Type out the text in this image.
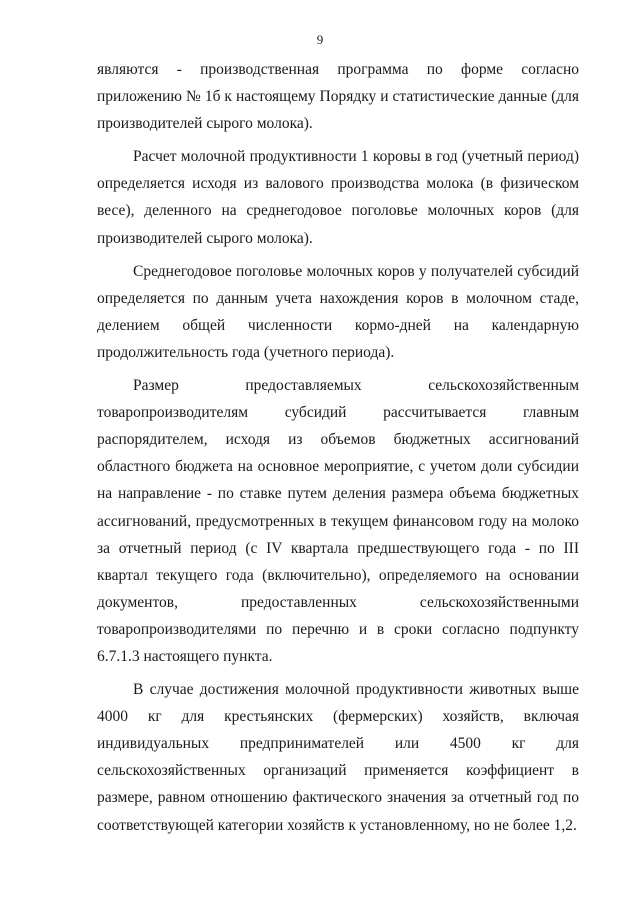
9

являются - производственная программа по форме согласно приложению № 1б к настоящему Порядку и статистические данные (для производителей сырого молока).

Расчет молочной продуктивности 1 коровы в год (учетный период) определяется исходя из валового производства молока (в физическом весе), деленного на среднегодовое поголовье молочных коров (для производителей сырого молока).

Среднегодовое поголовье молочных коров у получателей субсидий определяется по данным учета нахождения коров в молочном стаде, делением общей численности кормо-дней на календарную продолжительность года (учетного периода).

Размер предоставляемых сельскохозяйственным товаропроизводителям субсидий рассчитывается главным распорядителем, исходя из объемов бюджетных ассигнований областного бюджета на основное мероприятие, с учетом доли субсидии на направление - по ставке путем деления размера объема бюджетных ассигнований, предусмотренных в текущем финансовом году на молоко за отчетный период (с IV квартала предшествующего года - по III квартал текущего года (включительно), определяемого на основании документов, предоставленных сельскохозяйственными товаропроизводителями по перечню и в сроки согласно подпункту 6.7.1.3 настоящего пункта.

В случае достижения молочной продуктивности животных выше 4000 кг для крестьянских (фермерских) хозяйств, включая индивидуальных предпринимателей или 4500 кг для сельскохозяйственных организаций применяется коэффициент в размере, равном отношению фактического значения за отчетный год по соответствующей категории хозяйств к установленному, но не более 1,2.
